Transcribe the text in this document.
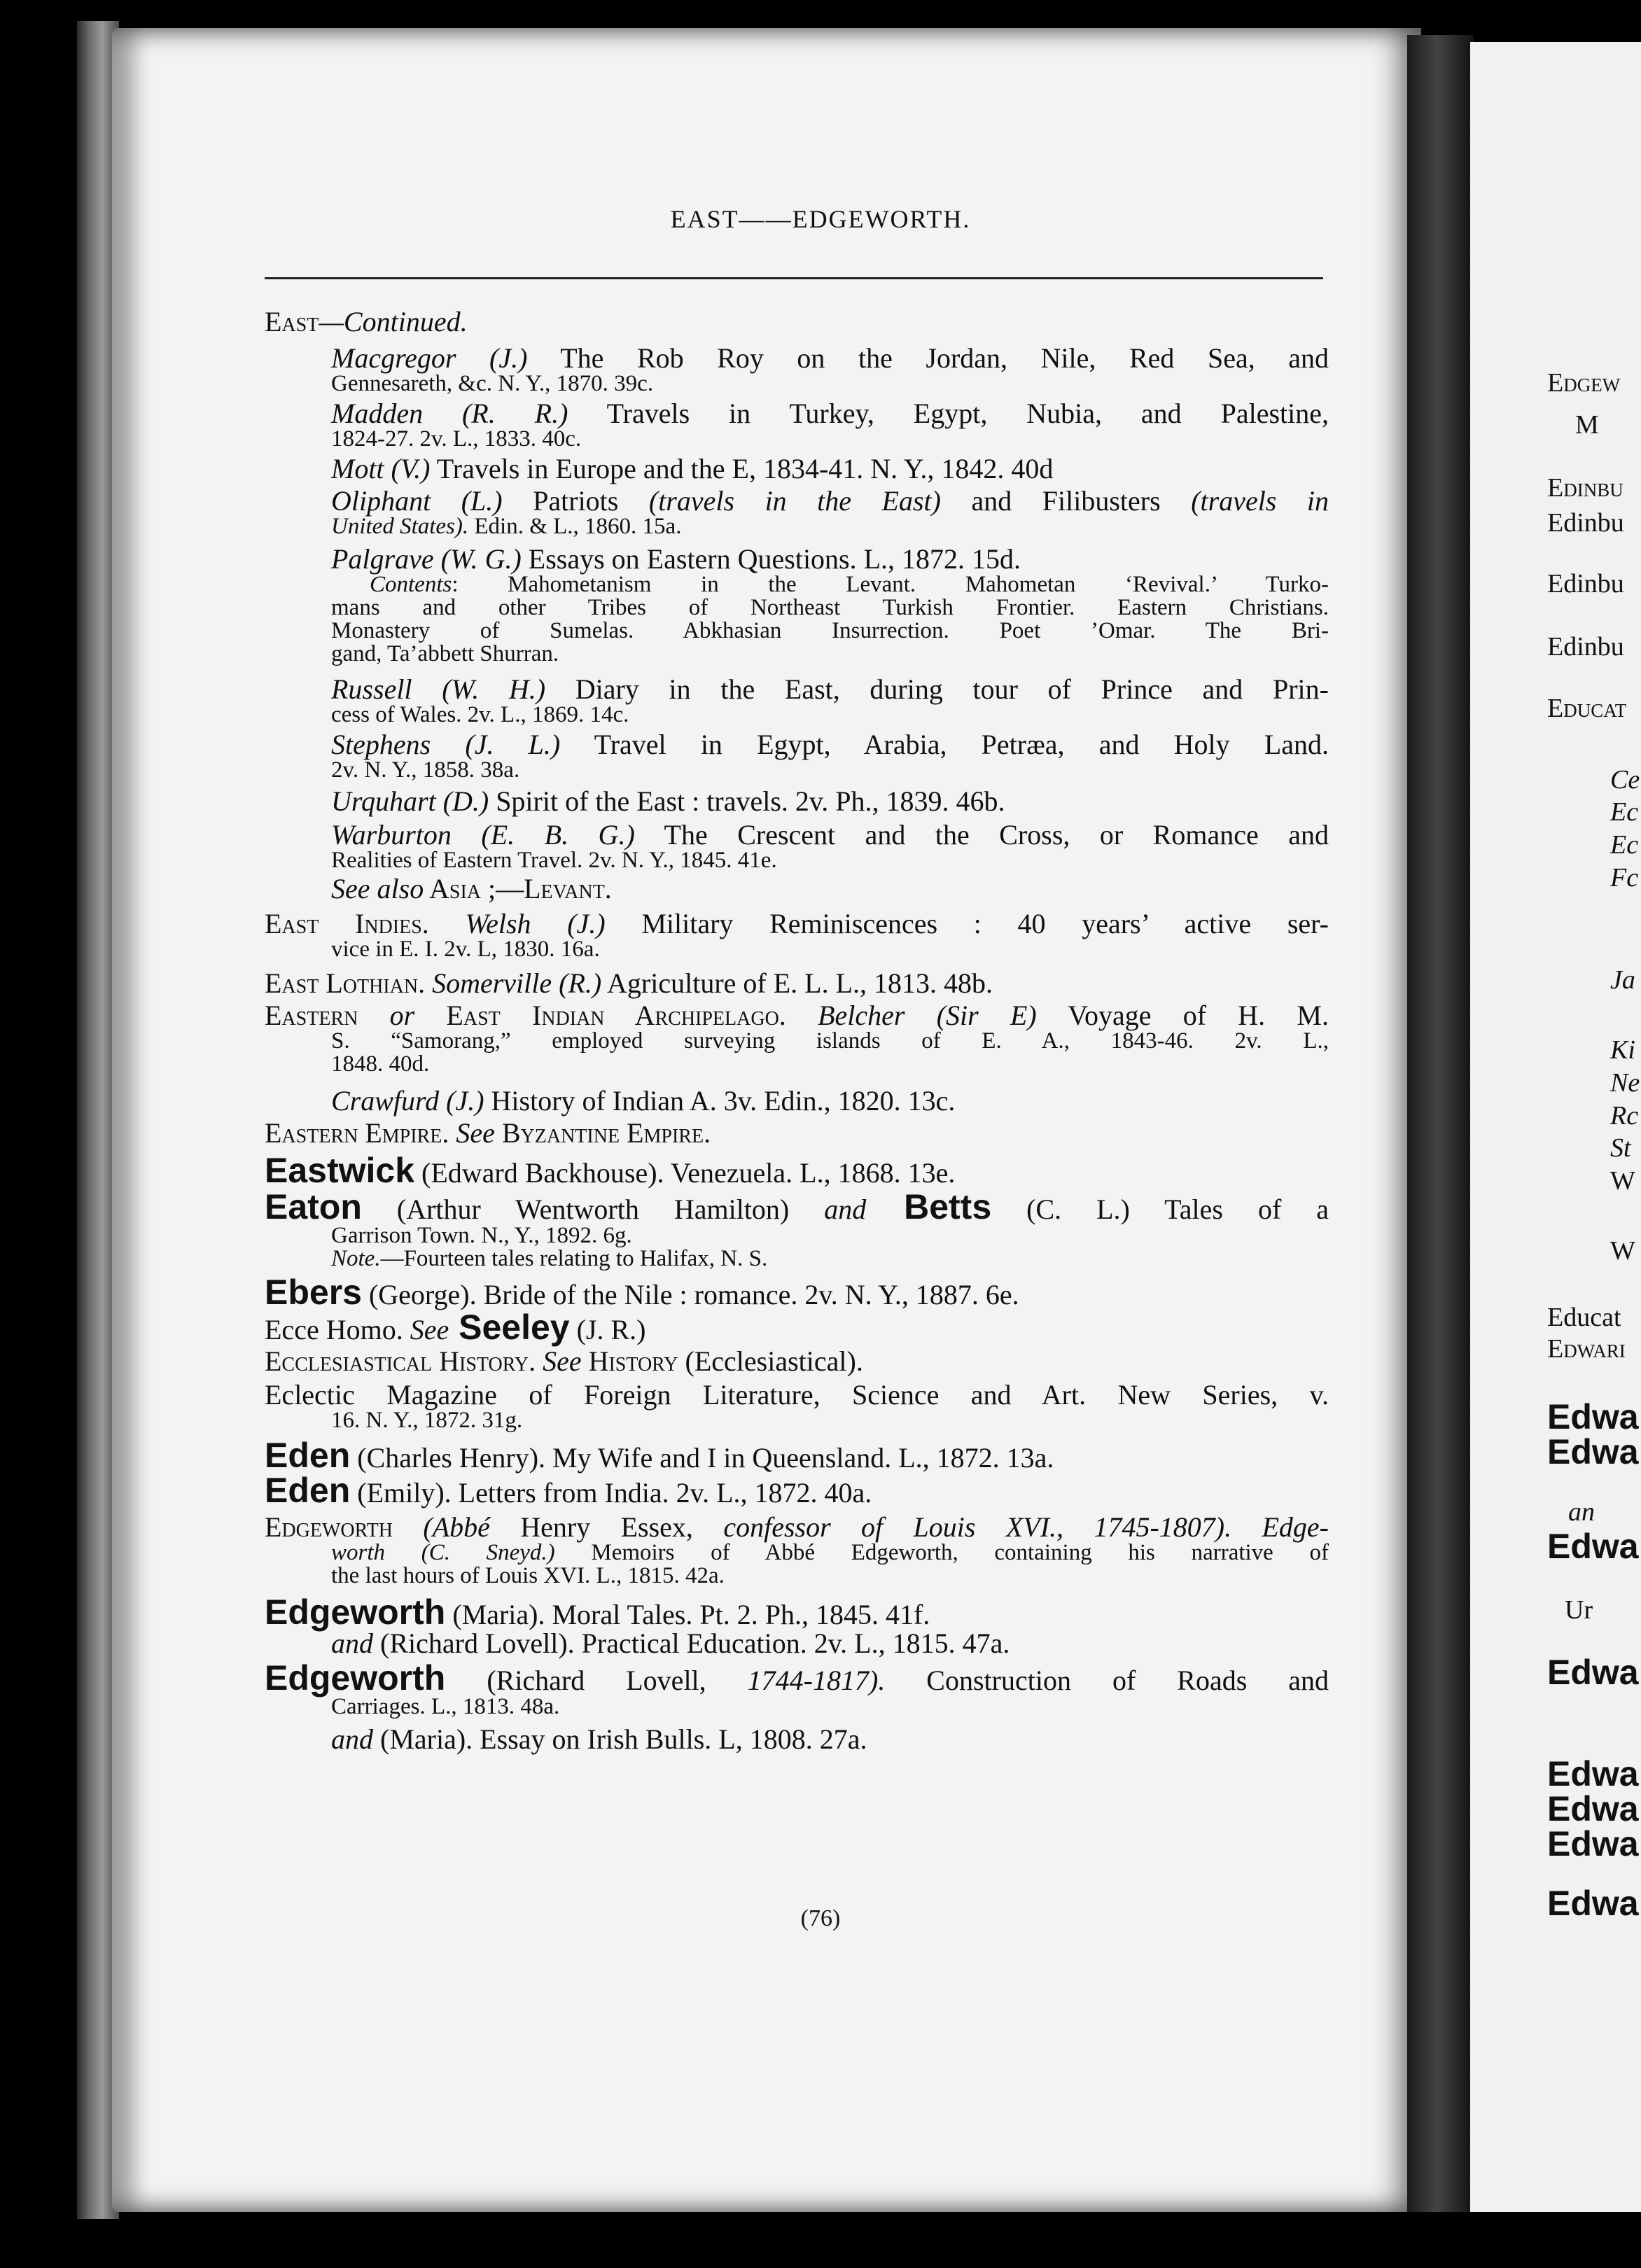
Edgew
M
Edinbu
Edinbu
Edinbu
Edinbu
Educat
Ce
Ec
Ec
Fc
Ja
Ki
Ne
Rc
St
W
W
Educat
Edwari
Edwa
Edwa
an
Edwa
Ur
Edwa
Edwa
Edwa
Edwa
Edwa
EAST——EDGEWORTH.
East—Continued.
Macgregor (J.) The Rob Roy on the Jordan, Nile, Red Sea, and
Gennesareth, &c. N. Y., 1870. 39c.
Madden (R. R.) Travels in Turkey, Egypt, Nubia, and Palestine,
1824-27. 2v. L., 1833. 40c.
Mott (V.) Travels in Europe and the E, 1834-41. N. Y., 1842. 40d
Oliphant (L.) Patriots (travels in the East) and Filibusters (travels in
United States). Edin. & L., 1860. 15a.
Palgrave (W. G.) Essays on Eastern Questions. L., 1872. 15d.
Contents: Mahometanism in the Levant. Mahometan ‘Revival.’ Turko-
mans and other Tribes of Northeast Turkish Frontier. Eastern Christians.
Monastery of Sumelas. Abkhasian Insurrection. Poet ’Omar. The Bri-
gand, Ta’abbett Shurran.
Russell (W. H.) Diary in the East, during tour of Prince and Prin-
cess of Wales. 2v. L., 1869. 14c.
Stephens (J. L.) Travel in Egypt, Arabia, Petræa, and Holy Land.
2v. N. Y., 1858. 38a.
Urquhart (D.) Spirit of the East : travels. 2v. Ph., 1839. 46b.
Warburton (E. B. G.) The Crescent and the Cross, or Romance and
Realities of Eastern Travel. 2v. N. Y., 1845. 41e.
See also Asia ;—Levant.
East Indies. Welsh (J.) Military Reminiscences : 40 years’ active ser-
vice in E. I. 2v. L, 1830. 16a.
East Lothian. Somerville (R.) Agriculture of E. L. L., 1813. 48b.
Eastern or East Indian Archipelago. Belcher (Sir E) Voyage of H. M.
S. “Samorang,” employed surveying islands of E. A., 1843-46. 2v. L.,
1848. 40d.
Crawfurd (J.) History of Indian A. 3v. Edin., 1820. 13c.
Eastern Empire. See Byzantine Empire.
Eastwick (Edward Backhouse). Venezuela. L., 1868. 13e.
Eaton (Arthur Wentworth Hamilton) and Betts (C. L.) Tales of a
Garrison Town. N., Y., 1892. 6g.
Note.—Fourteen tales relating to Halifax, N. S.
Ebers (George). Bride of the Nile : romance. 2v. N. Y., 1887. 6e.
Ecce Homo. See Seeley (J. R.)
Ecclesiastical History. See History (Ecclesiastical).
Eclectic Magazine of Foreign Literature, Science and Art. New Series, v.
16. N. Y., 1872. 31g.
Eden (Charles Henry). My Wife and I in Queensland. L., 1872. 13a.
Eden (Emily). Letters from India. 2v. L., 1872. 40a.
Edgeworth (Abbé Henry Essex, confessor of Louis XVI., 1745-1807). Edge-
worth (C. Sneyd.) Memoirs of Abbé Edgeworth, containing his narrative of
the last hours of Louis XVI. L., 1815. 42a.
Edgeworth (Maria). Moral Tales. Pt. 2. Ph., 1845. 41f.
and (Richard Lovell). Practical Education. 2v. L., 1815. 47a.
Edgeworth (Richard Lovell, 1744-1817). Construction of Roads and
Carriages. L., 1813. 48a.
and (Maria). Essay on Irish Bulls. L, 1808. 27a.
(76)
